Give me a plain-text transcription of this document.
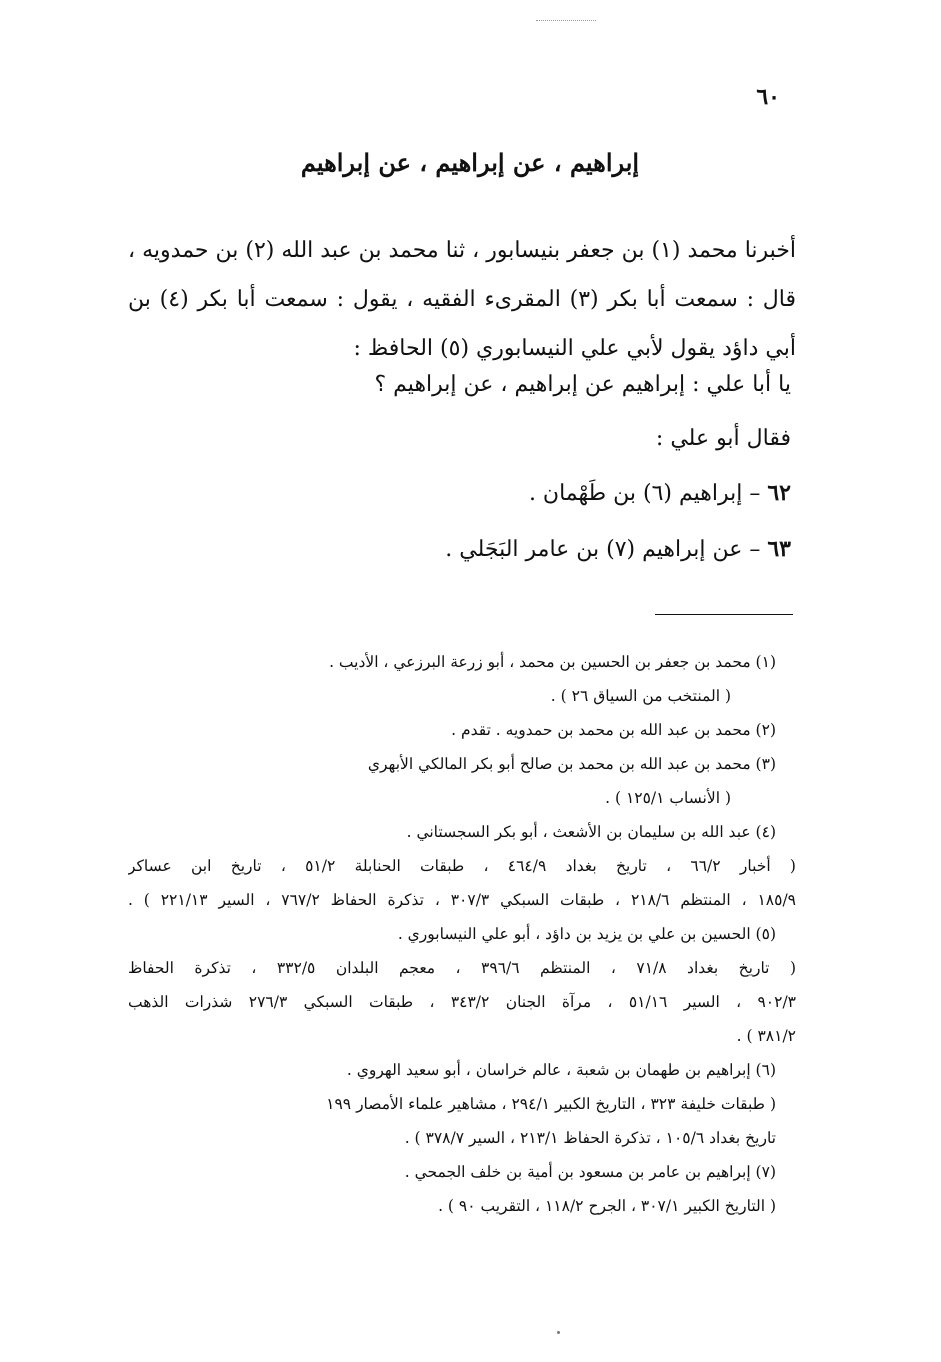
٦٠
إبراهيم ، عن إبراهيم ، عن إبراهيم
أخبرنا محمد (١) بن جعفر بنيسابور ، ثنا محمد بن عبد الله (٢) بن حمدويه ، قال : سمعت أبا بكر (٣) المقرىء الفقيه ، يقول : سمعت أبا بكر (٤) بن أبي داؤد يقول لأبي علي النيسابوري (٥) الحافظ :
يا أبا علي : إبراهيم عن إبراهيم ، عن إبراهيم ؟
فقال أبو علي :
٦٢ – إبراهيم (٦) بن طَهْمان .
٦٣ – عن إبراهيم (٧) بن عامر البَجَلي .
(١) محمد بن جعفر بن الحسين بن محمد ، أبو زرعة البرزعي ، الأديب .
( المنتخب من السياق ٢٦ ) .
(٢) محمد بن عبد الله بن محمد بن حمدويه . تقدم .
(٣) محمد بن عبد الله بن محمد بن صالح أبو بكر المالكي الأبهري
( الأنساب ١٢٥/١ ) .
(٤) عبد الله بن سليمان بن الأشعث ، أبو بكر السجستاني .
( أخبار ٦٦/٢ ، تاريخ بغداد ٤٦٤/٩ ، طبقات الحنابلة ٥١/٢ ، تاريخ ابن عساكر
١٨٥/٩ ، المنتظم ٢١٨/٦ ، طبقات السبكي ٣٠٧/٣ ، تذكرة الحفاظ ٧٦٧/٢ ، السير ٢٢١/١٣ ) .
(٥) الحسين بن علي بن يزيد بن داؤد ، أبو علي النيسابوري .
( تاريخ بغداد ٧١/٨ ، المنتظم ٣٩٦/٦ ، معجم البلدان ٣٣٢/٥ ، تذكرة الحفاظ
٩٠٢/٣ ، السير ٥١/١٦ ، مرآة الجنان ٣٤٣/٢ ، طبقات السبكي ٢٧٦/٣ شذرات الذهب
٣٨١/٢ ) .
(٦) إبراهيم بن طهمان بن شعبة ، عالم خراسان ، أبو سعيد الهروي .
( طبقات خليفة ٣٢٣ ، التاريخ الكبير ٢٩٤/١ ، مشاهير علماء الأمصار ١٩٩
تاريخ بغداد ١٠٥/٦ ، تذكرة الحفاظ ٢١٣/١ ، السير ٣٧٨/٧ ) .
(٧) إبراهيم بن عامر بن مسعود بن أمية بن خلف الجمحي .
( التاريخ الكبير ٣٠٧/١ ، الجرح ١١٨/٢ ، التقريب ٩٠ ) .
